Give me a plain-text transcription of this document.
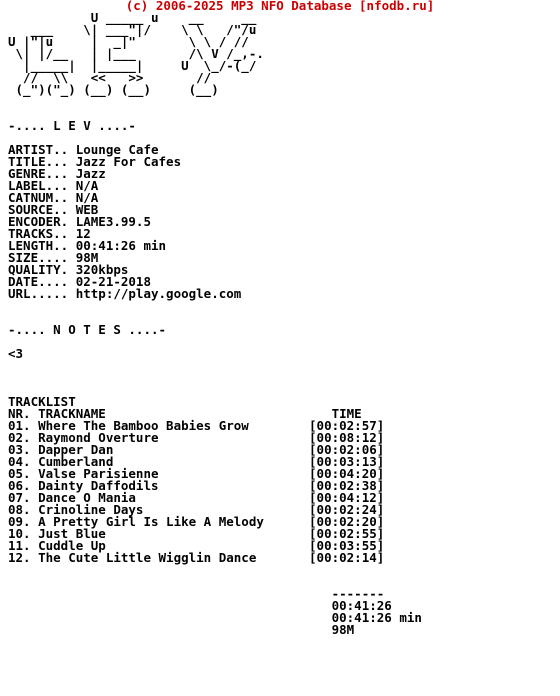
(c) 2006-2025 MP3 NFO Database [nfodb.ru]
U _____ u    __     __
___    \| ___"|/    \ \   /"/u
U |"|u     |  _|"       \ \ / //
\| |/__   | |___       /\ V /_,-.
|_____|  |_____|     U  \_/-(_/
//  \\   <<   >>       //
(_")("_) (__) (__)     (__)
-.... L E V ....-
ARTIST.. Lounge Cafe
TITLE... Jazz For Cafes
GENRE... Jazz
LABEL... N/A
CATNUM.. N/A
SOURCE.. WEB
ENCODER. LAME3.99.5
TRACKS.. 12
LENGTH.. 00:41:26 min
SIZE.... 98M
QUALITY. 320kbps
DATE.... 02-21-2018
URL..... http://play.google.com
-.... N O T E S ....-
<3
TRACKLIST
NR. TRACKNAME                              TIME
01. Where The Bamboo Babies Grow        [00:02:57]
02. Raymond Overture                    [00:08:12]
03. Dapper Dan                          [00:02:06]
04. Cumberland                          [00:03:13]
05. Valse Parisienne                    [00:04:20]
06. Dainty Daffodils                    [00:02:38]
07. Dance O Mania                       [00:04:12]
08. Crinoline Days                      [00:02:24]
09. A Pretty Girl Is Like A Melody      [00:02:20]
10. Just Blue                           [00:02:55]
11. Cuddle Up                           [00:03:55]
12. The Cute Little Wigglin Dance       [00:02:14]
-------
00:41:26
00:41:26 min
98M
